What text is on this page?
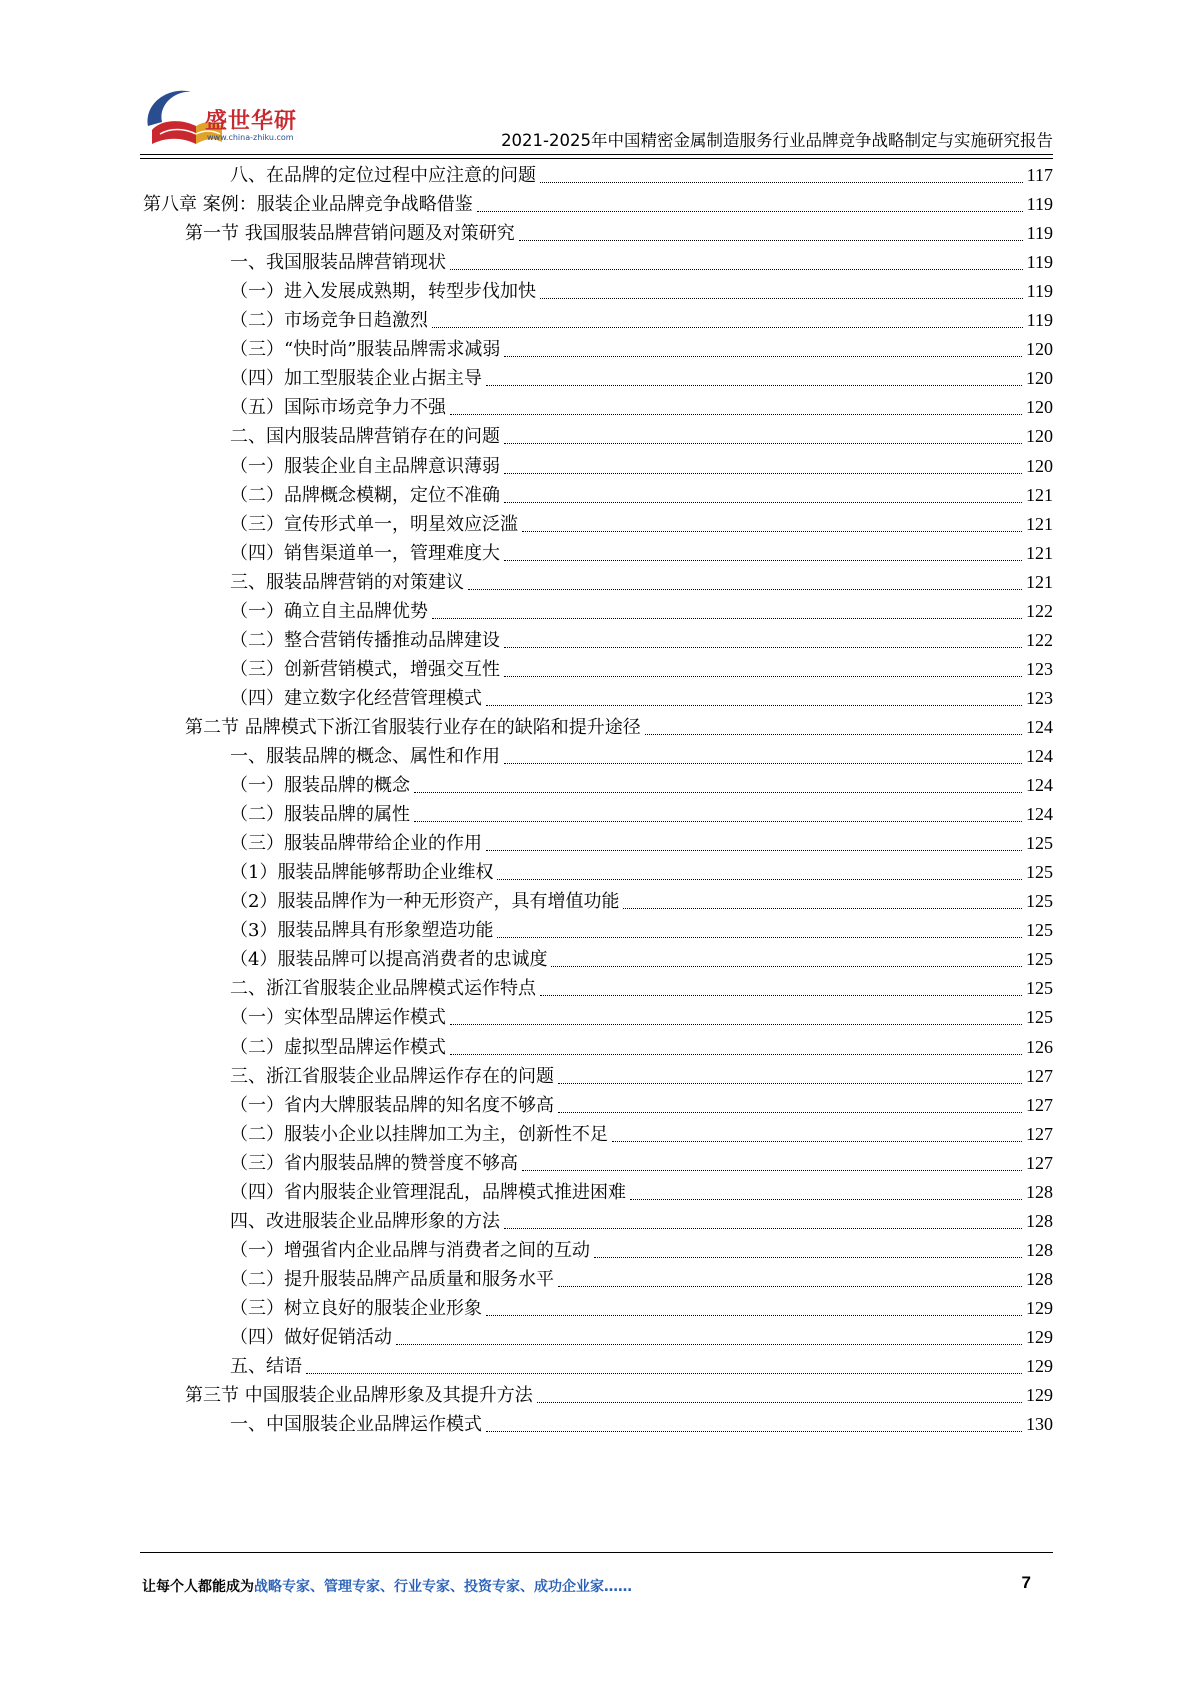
盛世华研
www.china-zhiku.com	2021-2025年中国精密金属制造服务行业品牌竞争战略制定与实施研究报告
八、在品牌的定位过程中应注意的问题	117
第八章 案例：服装企业品牌竞争战略借鉴	119
第一节 我国服装品牌营销问题及对策研究	119
一、我国服装品牌营销现状	119
（一）进入发展成熟期，转型步伐加快	119
（二）市场竞争日趋激烈	119
（三）“快时尚”服装品牌需求减弱	120
（四）加工型服装企业占据主导	120
（五）国际市场竞争力不强	120
二、国内服装品牌营销存在的问题	120
（一）服装企业自主品牌意识薄弱	120
（二）品牌概念模糊，定位不准确	121
（三）宣传形式单一，明星效应泛滥	121
（四）销售渠道单一，管理难度大	121
三、服装品牌营销的对策建议	121
（一）确立自主品牌优势	122
（二）整合营销传播推动品牌建设	122
（三）创新营销模式，增强交互性	123
（四）建立数字化经营管理模式	123
第二节 品牌模式下浙江省服装行业存在的缺陷和提升途径	124
一、服装品牌的概念、属性和作用	124
（一）服装品牌的概念	124
（二）服装品牌的属性	124
（三）服装品牌带给企业的作用	125
（1）服装品牌能够帮助企业维权	125
（2）服装品牌作为一种无形资产，具有增值功能	125
（3）服装品牌具有形象塑造功能	125
（4）服装品牌可以提高消费者的忠诚度	125
二、浙江省服装企业品牌模式运作特点	125
（一）实体型品牌运作模式	125
（二）虚拟型品牌运作模式	126
三、浙江省服装企业品牌运作存在的问题	127
（一）省内大牌服装品牌的知名度不够高	127
（二）服装小企业以挂牌加工为主，创新性不足	127
（三）省内服装品牌的赞誉度不够高	127
（四）省内服装企业管理混乱，品牌模式推进困难	128
四、改进服装企业品牌形象的方法	128
（一）增强省内企业品牌与消费者之间的互动	128
（二）提升服装品牌产品质量和服务水平	128
（三）树立良好的服装企业形象	129
（四）做好促销活动	129
五、结语	129
第三节 中国服装企业品牌形象及其提升方法	129
一、中国服装企业品牌运作模式	130
让每个人都能成为战略专家、管理专家、行业专家、投资专家、成功企业家……	7
